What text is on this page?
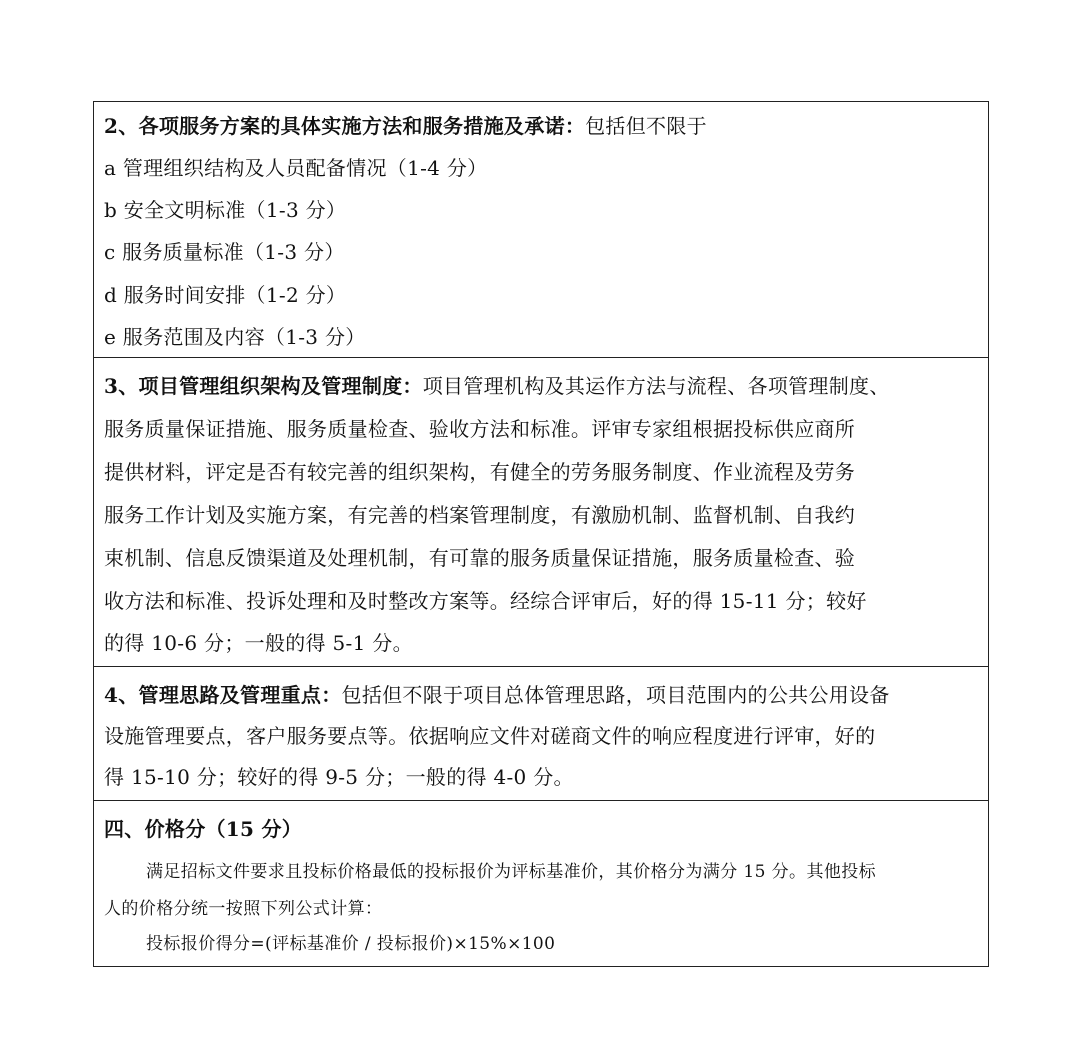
2、各项服务方案的具体实施方法和服务措施及承诺：包括但不限于
a 管理组织结构及人员配备情况（1-4 分）
b 安全文明标准（1-3 分）
c 服务质量标准（1-3 分）
d 服务时间安排（1-2 分）
e 服务范围及内容（1-3 分）
3、项目管理组织架构及管理制度：项目管理机构及其运作方法与流程、各项管理制度、
服务质量保证措施、服务质量检查、验收方法和标准。评审专家组根据投标供应商所
提供材料，评定是否有较完善的组织架构，有健全的劳务服务制度、作业流程及劳务
服务工作计划及实施方案，有完善的档案管理制度，有激励机制、监督机制、自我约
束机制、信息反馈渠道及处理机制，有可靠的服务质量保证措施，服务质量检查、验
收方法和标准、投诉处理和及时整改方案等。经综合评审后，好的得 15-11 分；较好
的得 10-6 分；一般的得 5-1 分。
4、管理思路及管理重点：包括但不限于项目总体管理思路，项目范围内的公共公用设备
设施管理要点，客户服务要点等。依据响应文件对磋商文件的响应程度进行评审，好的
得 15-10 分；较好的得 9-5 分；一般的得 4-0 分。
四、价格分（15 分）
满足招标文件要求且投标价格最低的投标报价为评标基准价，其价格分为满分 15 分。其他投标
人的价格分统一按照下列公式计算：
投标报价得分=(评标基准价 / 投标报价)×15%×100
